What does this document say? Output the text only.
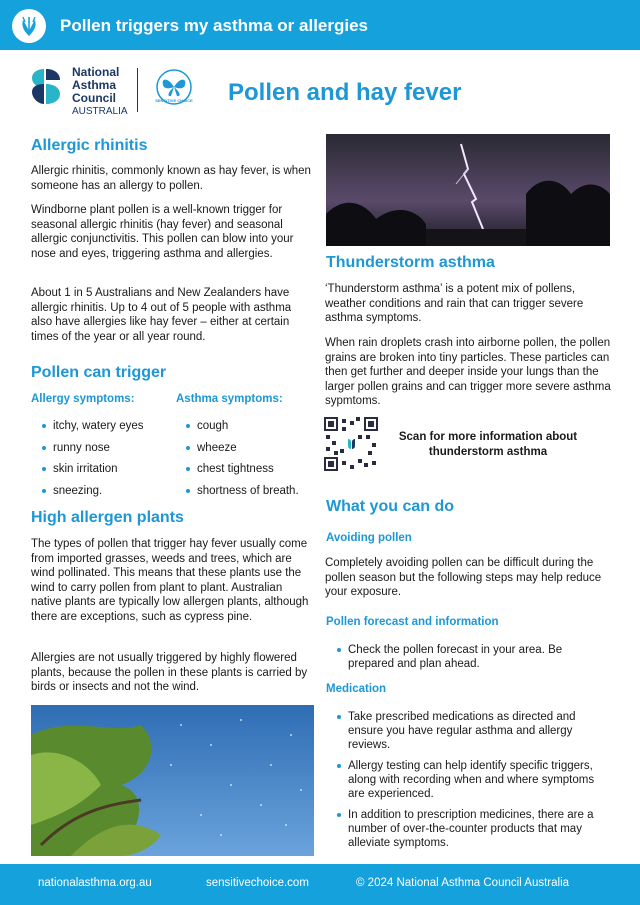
Pollen triggers my asthma or allergies
National
Asthma
Council
AUSTRALIA
SENSITIVE CHOICE Pollen and hay fever
Allergic rhinitis
Allergic rhinitis, commonly known as hay fever, is when someone has an allergy to pollen.
Windborne plant pollen is a well-known trigger for seasonal allergic rhinitis (hay fever) and seasonal allergic conjunctivitis. This pollen can blow into your nose and eyes, triggering asthma and allergies.
About 1 in 5 Australians and New Zealanders have allergic rhinitis. Up to 4 out of 5 people with asthma also have allergies like hay fever – either at certain times of the year or all year round.
Pollen can trigger
Allergy symptoms:	Asthma symptoms:
itchy, watery eyes
runny nose
skin irritation
sneezing.
cough
wheeze
chest tightness
shortness of breath.
High allergen plants
The types of pollen that trigger hay fever usually come from imported grasses, weeds and trees, which are wind pollinated. This means that these plants use the wind to carry pollen from plant to plant. Australian native plants are typically low allergen plants, although there are exceptions, such as cypress pine.
Allergies are not usually triggered by highly flowered plants, because the pollen in these plants is carried by birds or insects and not the wind.
Thunderstorm asthma
‘Thunderstorm asthma’ is a potent mix of pollens, weather conditions and rain that can trigger severe asthma symptoms.
When rain droplets crash into airborne pollen, the pollen grains are broken into tiny particles. These particles can then get further and deeper inside your lungs than the larger pollen grains and can trigger more severe asthma sypmtoms.
Scan for more information about thunderstorm asthma
What you can do
Avoiding pollen
Completely avoiding pollen can be difficult during the pollen season but the following steps may help reduce your exposure.
Pollen forecast and information
Check the pollen forecast in your area. Be prepared and plan ahead.
Medication
Take prescribed medications as directed and ensure you have regular asthma and allergy reviews.
Allergy testing can help identify specific triggers, along with recording when and where symptoms are experienced.
In addition to prescription medicines, there are a number of over-the-counter products that may alleviate symptoms.
nationalasthma.org.au	sensitivechoice.com	© 2024 National Asthma Council Australia
